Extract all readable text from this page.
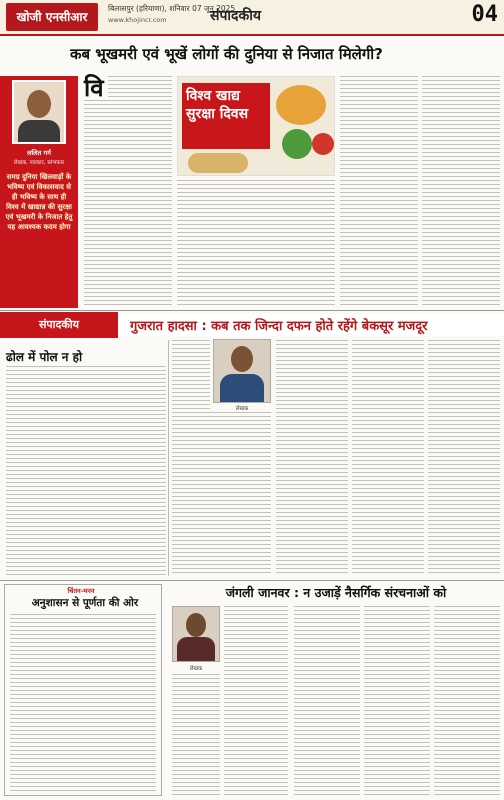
खोजी एनसीआर
बिलासपुर (हरियाणा), शनिवार 07 जून 2025
www.khojincr.com	संपादकीय	04
कब भूखमरी एवं भूखें लोगों की दुनिया से निजात मिलेगी?
ललित गर्ग
लेखक, पत्रकार, स्तंभकार
समग्र दुनिया खिलवाड़ों के भविष्य एवं विकासवाद से ही भविष्य के साथ ही विश्व में खाद्यान्न की सुरक्षा एवं भूखमरी के निजात हेतु यह आवश्यक कदम होगा
वि	विश्व खाद्य सुरक्षा दिवस
संपादकीय	गुजरात हादसा : कब तक जिन्दा दफन होते रहेंगे बेकसूर मजदूर
ढोल में पोल न हो
लेखक
चिंतन-मनन
अनुशासन से पूर्णता की ओर
जंगली जानवर : न उजाड़ें नैसर्गिक संरचनाओं को
लेखक
